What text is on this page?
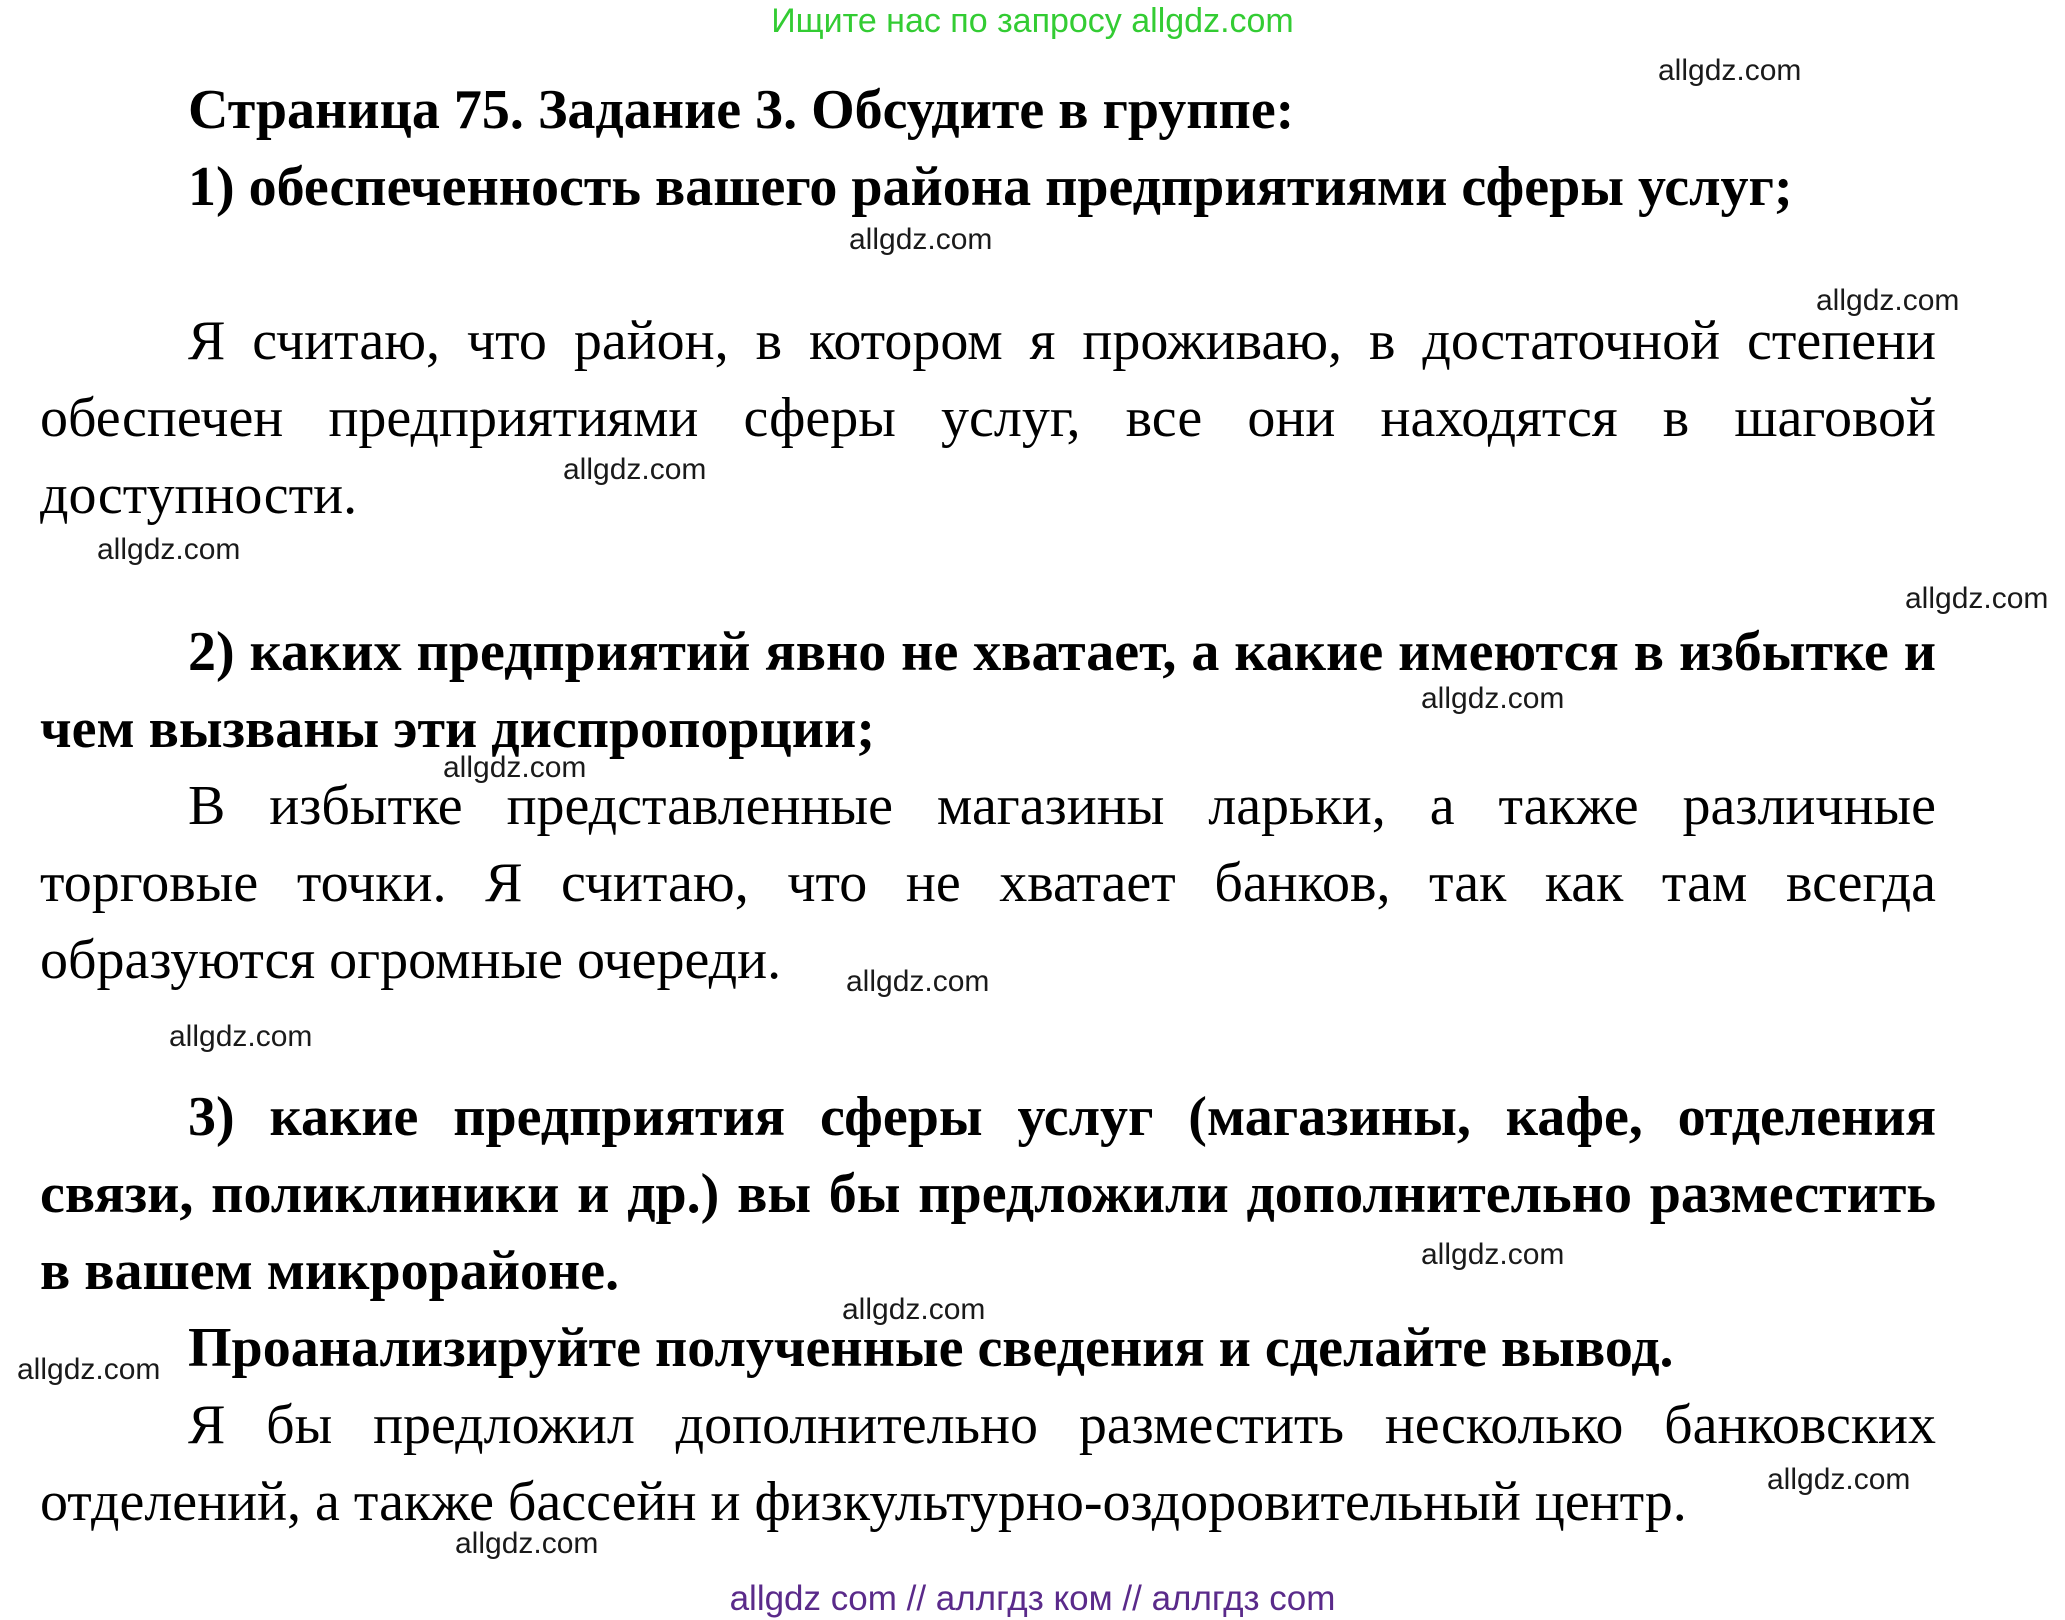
Ищите нас по запросу allgdz.com

Страница 75. Задание 3. Обсудите в группе:

1) обеспеченность вашего района предприятиями сферы услуг;

Я считаю, что район, в котором я проживаю, в достаточной степени обеспечен предприятиями сферы услуг, все они находятся в шаговой доступности.

2) каких предприятий явно не хватает, а какие имеются в избытке и чем вызваны эти диспропорции;

В избытке представленные магазины ларьки, а также различные торговые точки. Я считаю, что не хватает банков, так как там всегда образуются огромные очереди.

3) какие предприятия сферы услуг (магазины, кафе, отделения связи, поликлиники и др.) вы бы предложили дополнительно разместить в вашем микрорайоне.

Проанализируйте полученные сведения и сделайте вывод.

Я бы предложил дополнительно разместить несколько банковских отделений, а также бассейн и физкультурно-оздоровительный центр.

allgdz.com
allgdz.com
allgdz.com
allgdz.com
allgdz.com
allgdz.com
allgdz.com
allgdz.com
allgdz.com
allgdz.com
allgdz.com
allgdz.com
allgdz.com
allgdz.com
allgdz.com
allgdz com // аллгдз ком // аллгдз com
